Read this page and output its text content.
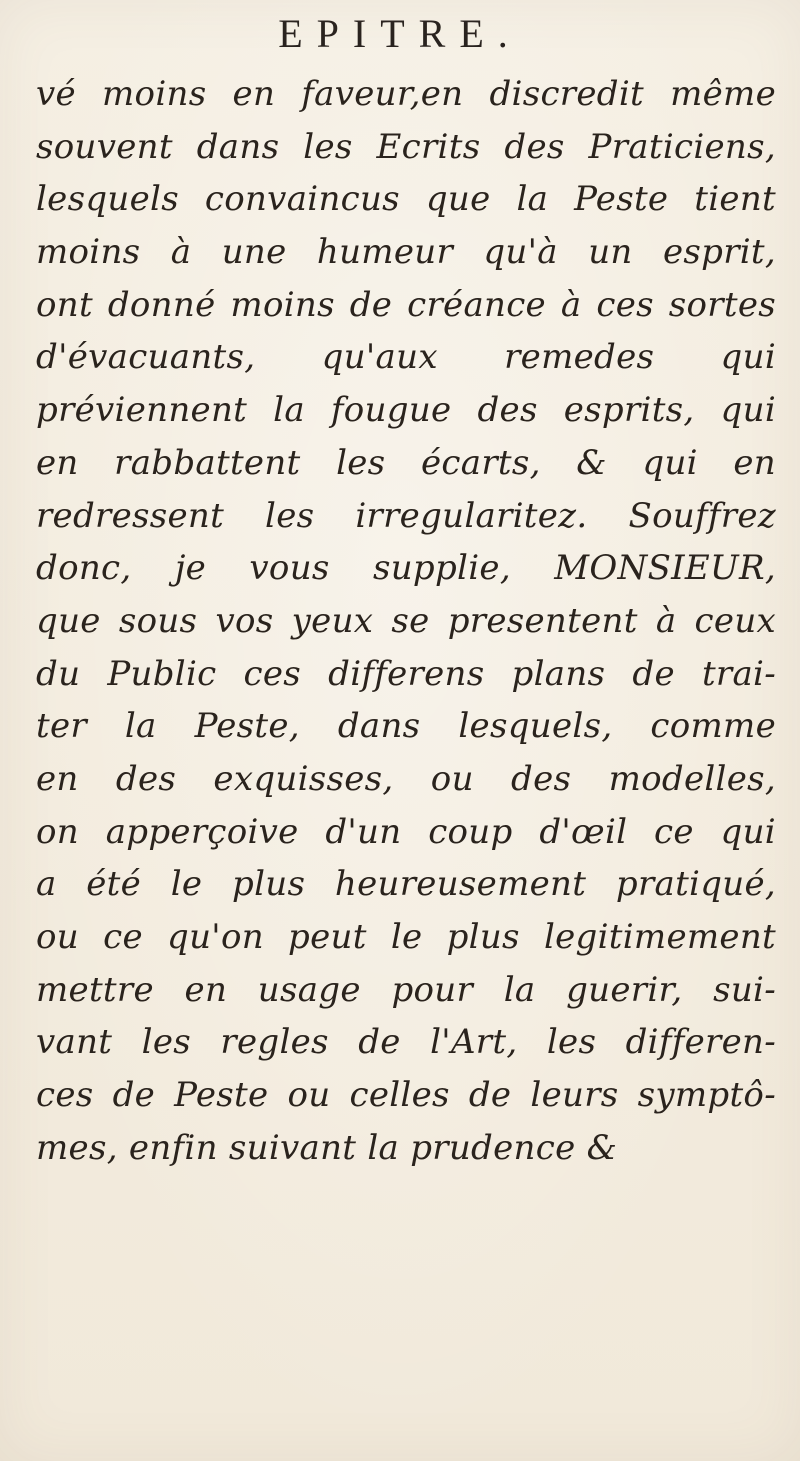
EPITRE.
vé moins en faveur,en discredit même
souvent dans les Ecrits des Praticiens,
lesquels convaincus que la Peste tient
moins à une humeur qu'à un esprit,
ont donné moins de créance à ces sortes
d'évacuants, qu'aux remedes qui
préviennent la fougue des esprits, qui
en rabbattent les écarts, & qui en
redressent les irregularitez. Souffrez
donc, je vous supplie, MONSIEUR,
que sous vos yeux se presentent à ceux
du Public ces differens plans de trai-
ter la Peste, dans lesquels, comme
en des exquisses, ou des modelles,
on apperçoive d'un coup d'œil ce qui
a été le plus heureusement pratiqué,
ou ce qu'on peut le plus legitimement
mettre en usage pour la guerir, sui-
vant les regles de l'Art, les differen-
ces de Peste ou celles de leurs symptô-
mes, enfin suivant la prudence &
